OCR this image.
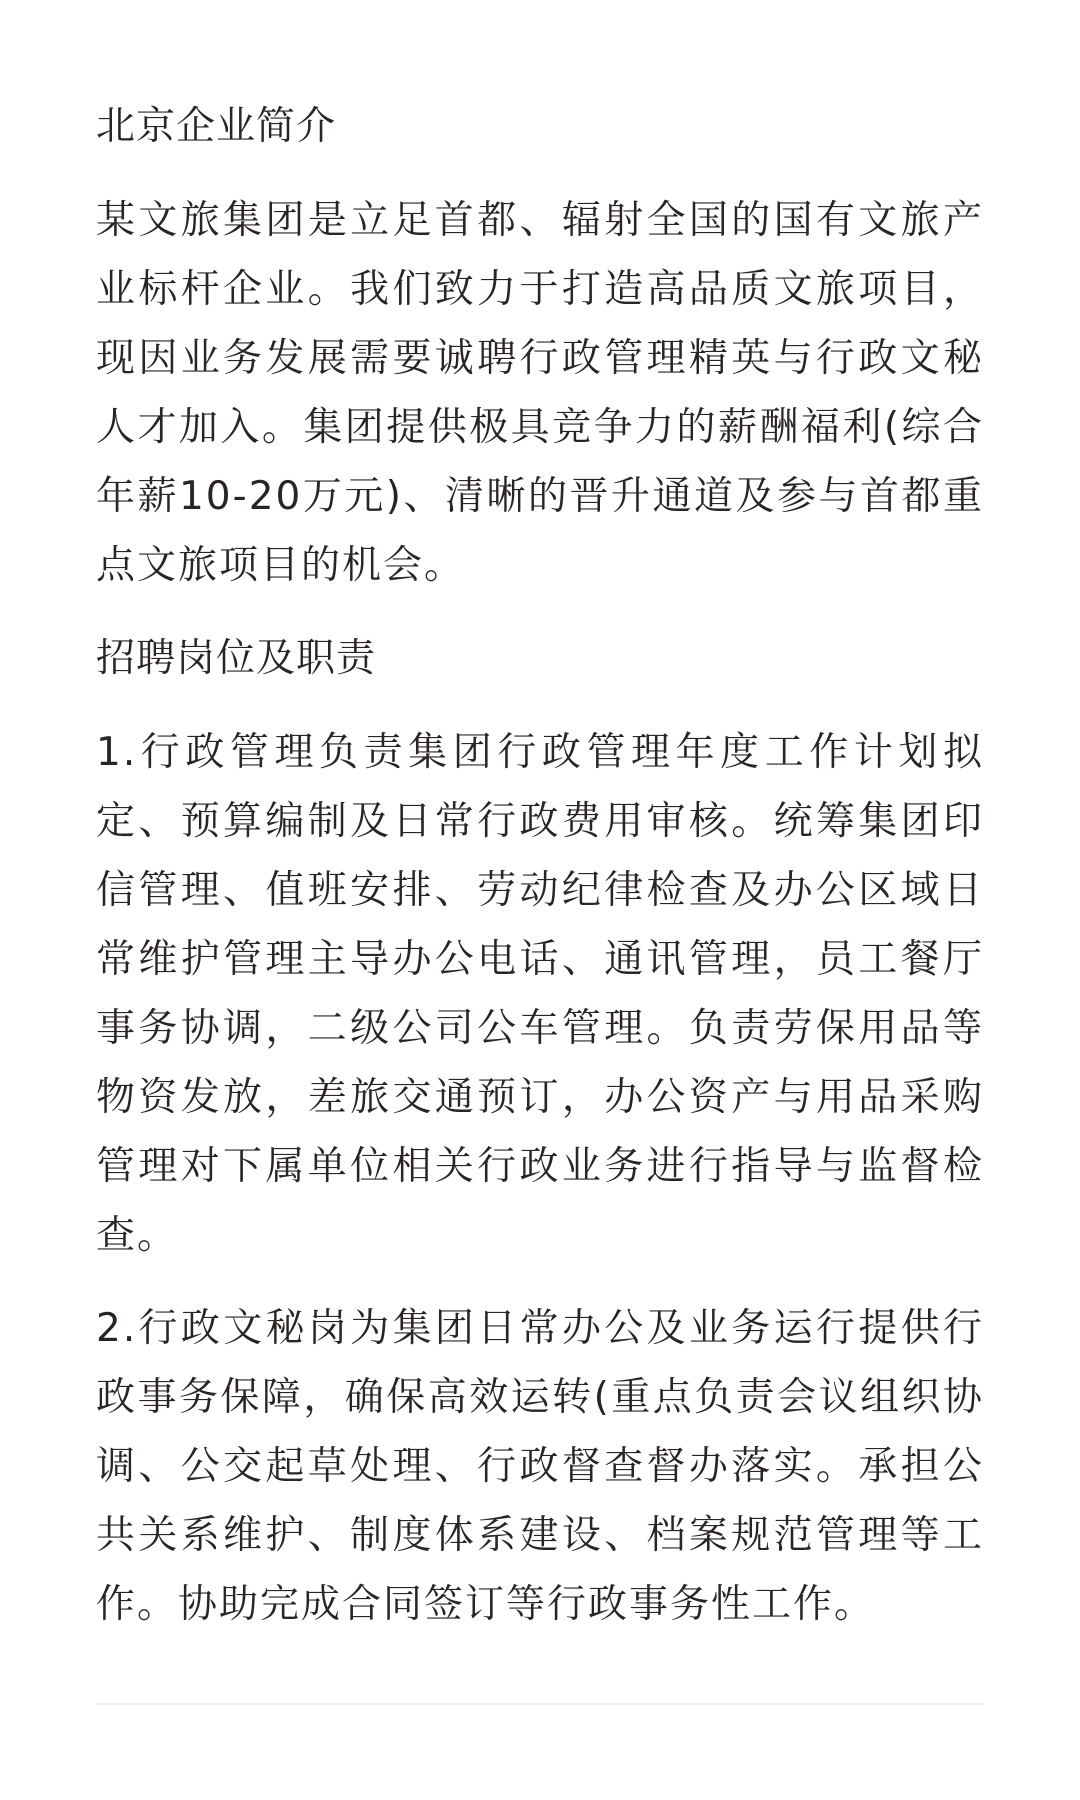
北京企业简介
某文旅集团是立足首都、辐射全国的国有文旅产业标杆企业。我们致力于打造高品质文旅项目，现因业务发展需要诚聘行政管理精英与行政文秘人才加入。集团提供极具竞争力的薪酬福利(综合年薪10-20万元)、清晰的晋升通道及参与首都重点文旅项目的机会。
招聘岗位及职责
1.行政管理负责集团行政管理年度工作计划拟定、预算编制及日常行政费用审核。统筹集团印信管理、值班安排、劳动纪律检查及办公区域日常维护管理主导办公电话、通讯管理，员工餐厅事务协调，二级公司公车管理。负责劳保用品等物资发放，差旅交通预订，办公资产与用品采购管理对下属单位相关行政业务进行指导与监督检查。
2.行政文秘岗为集团日常办公及业务运行提供行政事务保障，确保高效运转(重点负责会议组织协调、公交起草处理、行政督查督办落实。承担公共关系维护、制度体系建设、档案规范管理等工作。协助完成合同签订等行政事务性工作。
